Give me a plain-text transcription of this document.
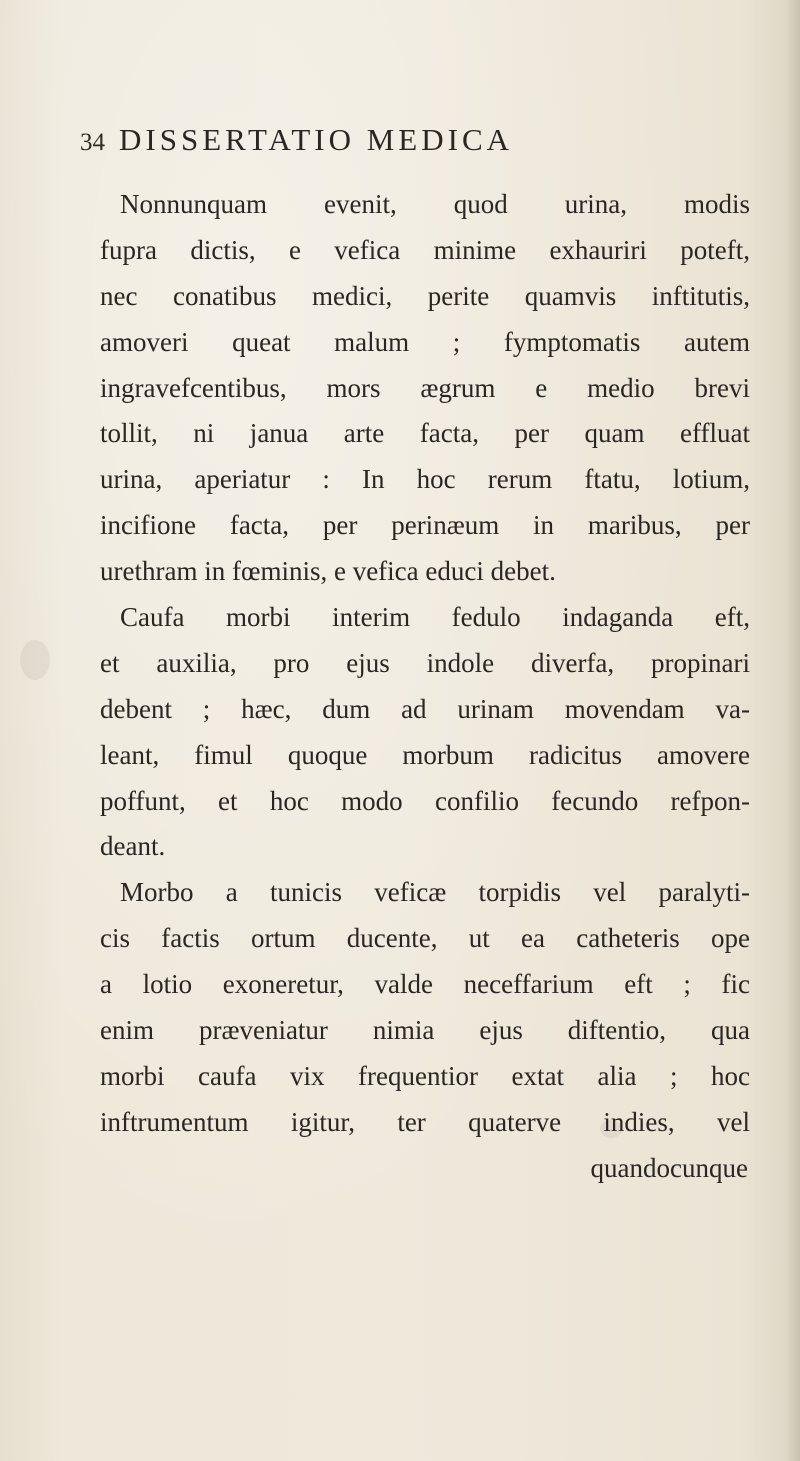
34 DISSERTATIO MEDICA
Nonnunquam evenit, quod urina, modis
fupra dictis, e vefica minime exhauriri poteft,
nec conatibus medici, perite quamvis inftitutis,
amoveri queat malum ; fymptomatis autem
ingravefcentibus, mors ægrum e medio brevi
tollit, ni janua arte facta, per quam effluat
urina, aperiatur : In hoc rerum ftatu, lotium,
incifione facta, per perinæum in maribus, per
urethram in fœminis, e vefica educi debet.
Caufa morbi interim fedulo indaganda eft,
et auxilia, pro ejus indole diverfa, propinari
debent ; hæc, dum ad urinam movendam va-
leant, fimul quoque morbum radicitus amovere
poffunt, et hoc modo confilio fecundo refpon-
deant.
Morbo a tunicis veficæ torpidis vel paralyti-
cis factis ortum ducente, ut ea catheteris ope
a lotio exoneretur, valde neceffarium eft ; fic
enim præveniatur nimia ejus diftentio, qua
morbi caufa vix frequentior extat alia ; hoc
inftrumentum igitur, ter quaterve indies, vel
quandocunque
